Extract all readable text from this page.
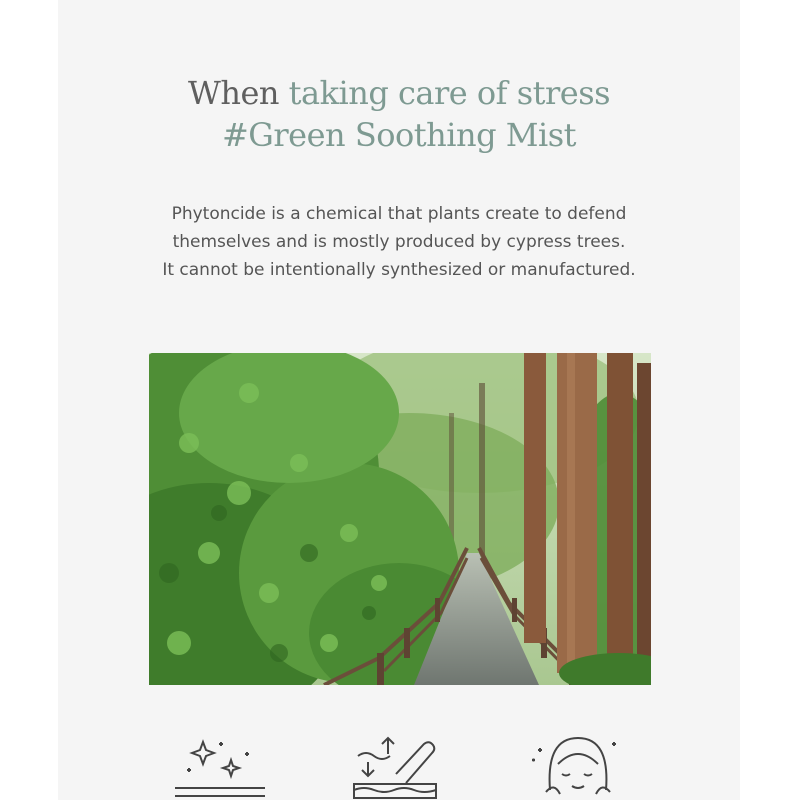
When taking care of stress
#Green Soothing Mist
Phytoncide is a chemical that plants create to defend
themselves and is mostly produced by cypress trees.
It cannot be intentionally synthesized or manufactured.
